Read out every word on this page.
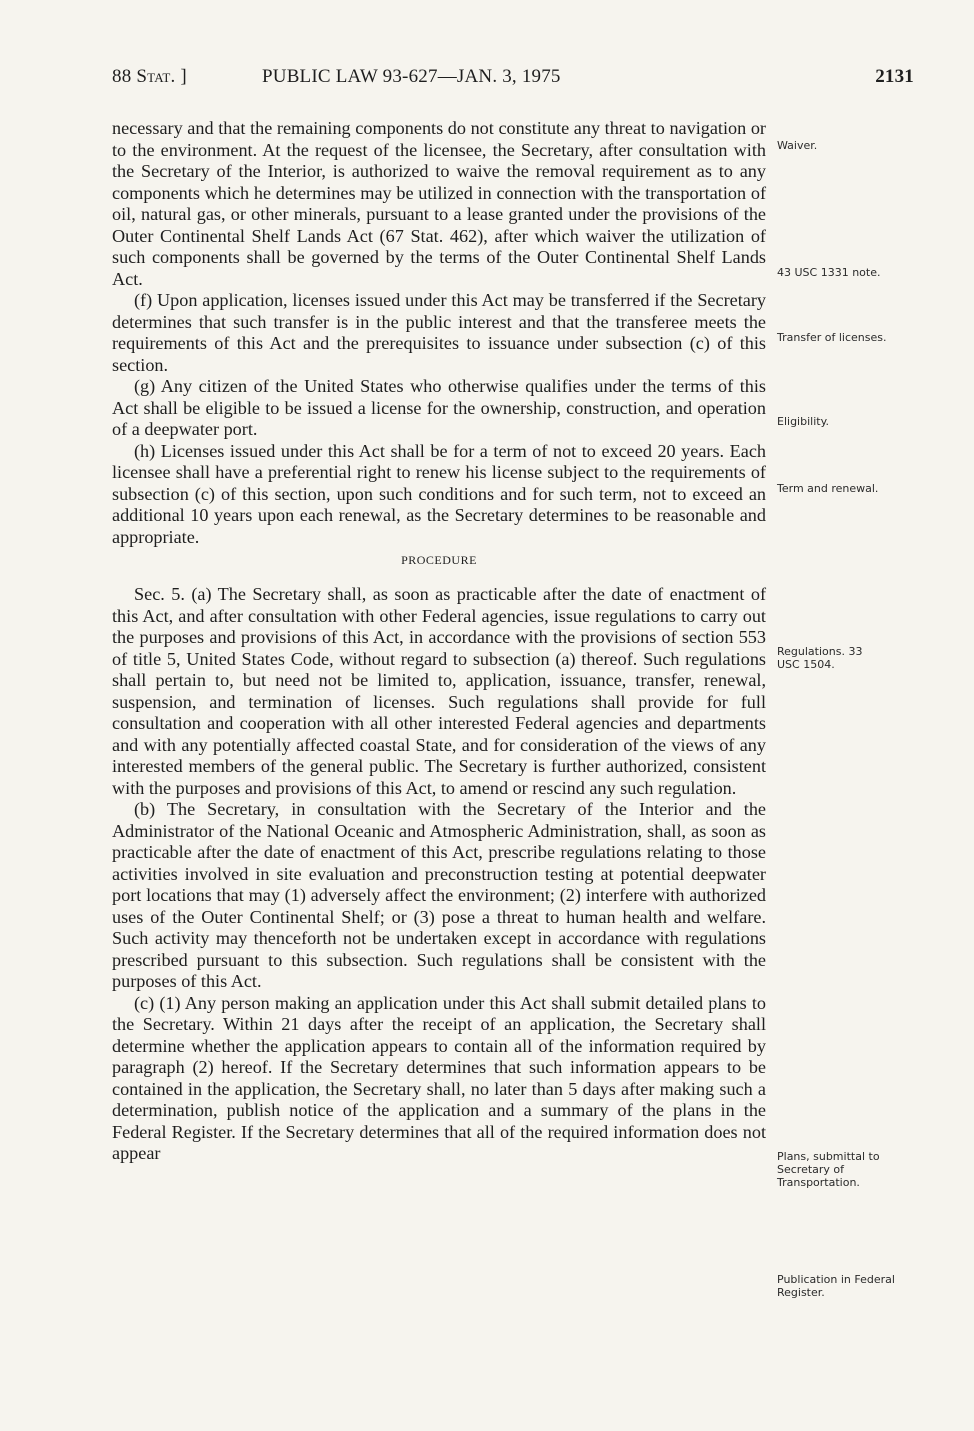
88 Stat. ]	PUBLIC LAW 93-627—JAN. 3, 1975	2131

necessary and that the remaining components do not constitute any threat to navigation or to the environment. At the request of the licensee, the Secretary, after consultation with the Secretary of the Interior, is authorized to waive the removal requirement as to any components which he determines may be utilized in connection with the transportation of oil, natural gas, or other minerals, pursuant to a lease granted under the provisions of the Outer Continental Shelf Lands Act (67 Stat. 462), after which waiver the utilization of such components shall be governed by the terms of the Outer Continental Shelf Lands Act.

(f) Upon application, licenses issued under this Act may be transferred if the Secretary determines that such transfer is in the public interest and that the transferee meets the requirements of this Act and the prerequisites to issuance under subsection (c) of this section.

(g) Any citizen of the United States who otherwise qualifies under the terms of this Act shall be eligible to be issued a license for the ownership, construction, and operation of a deepwater port.

(h) Licenses issued under this Act shall be for a term of not to exceed 20 years. Each licensee shall have a preferential right to renew his license subject to the requirements of subsection (c) of this section, upon such conditions and for such term, not to exceed an additional 10 years upon each renewal, as the Secretary determines to be reasonable and appropriate.

PROCEDURE

Sec. 5. (a) The Secretary shall, as soon as practicable after the date of enactment of this Act, and after consultation with other Federal agencies, issue regulations to carry out the purposes and provisions of this Act, in accordance with the provisions of section 553 of title 5, United States Code, without regard to subsection (a) thereof. Such regulations shall pertain to, but need not be limited to, application, issuance, transfer, renewal, suspension, and termination of licenses. Such regulations shall provide for full consultation and cooperation with all other interested Federal agencies and departments and with any potentially affected coastal State, and for consideration of the views of any interested members of the general public. The Secretary is further authorized, consistent with the purposes and provisions of this Act, to amend or rescind any such regulation.

(b) The Secretary, in consultation with the Secretary of the Interior and the Administrator of the National Oceanic and Atmospheric Administration, shall, as soon as practicable after the date of enactment of this Act, prescribe regulations relating to those activities involved in site evaluation and preconstruction testing at potential deepwater port locations that may (1) adversely affect the environment; (2) interfere with authorized uses of the Outer Continental Shelf; or (3) pose a threat to human health and welfare. Such activity may thenceforth not be undertaken except in accordance with regulations prescribed pursuant to this subsection. Such regulations shall be consistent with the purposes of this Act.

(c) (1) Any person making an application under this Act shall submit detailed plans to the Secretary. Within 21 days after the receipt of an application, the Secretary shall determine whether the application appears to contain all of the information required by paragraph (2) hereof. If the Secretary determines that such information appears to be contained in the application, the Secretary shall, no later than 5 days after making such a determination, publish notice of the application and a summary of the plans in the Federal Register. If the Secretary determines that all of the required information does not appear

Waiver.
43 USC 1331 note.
Transfer of licenses.
Eligibility.
Term and renewal.
Regulations. 33 USC 1504.
Plans, submittal to Secretary of Transportation.
Publication in Federal Register.
